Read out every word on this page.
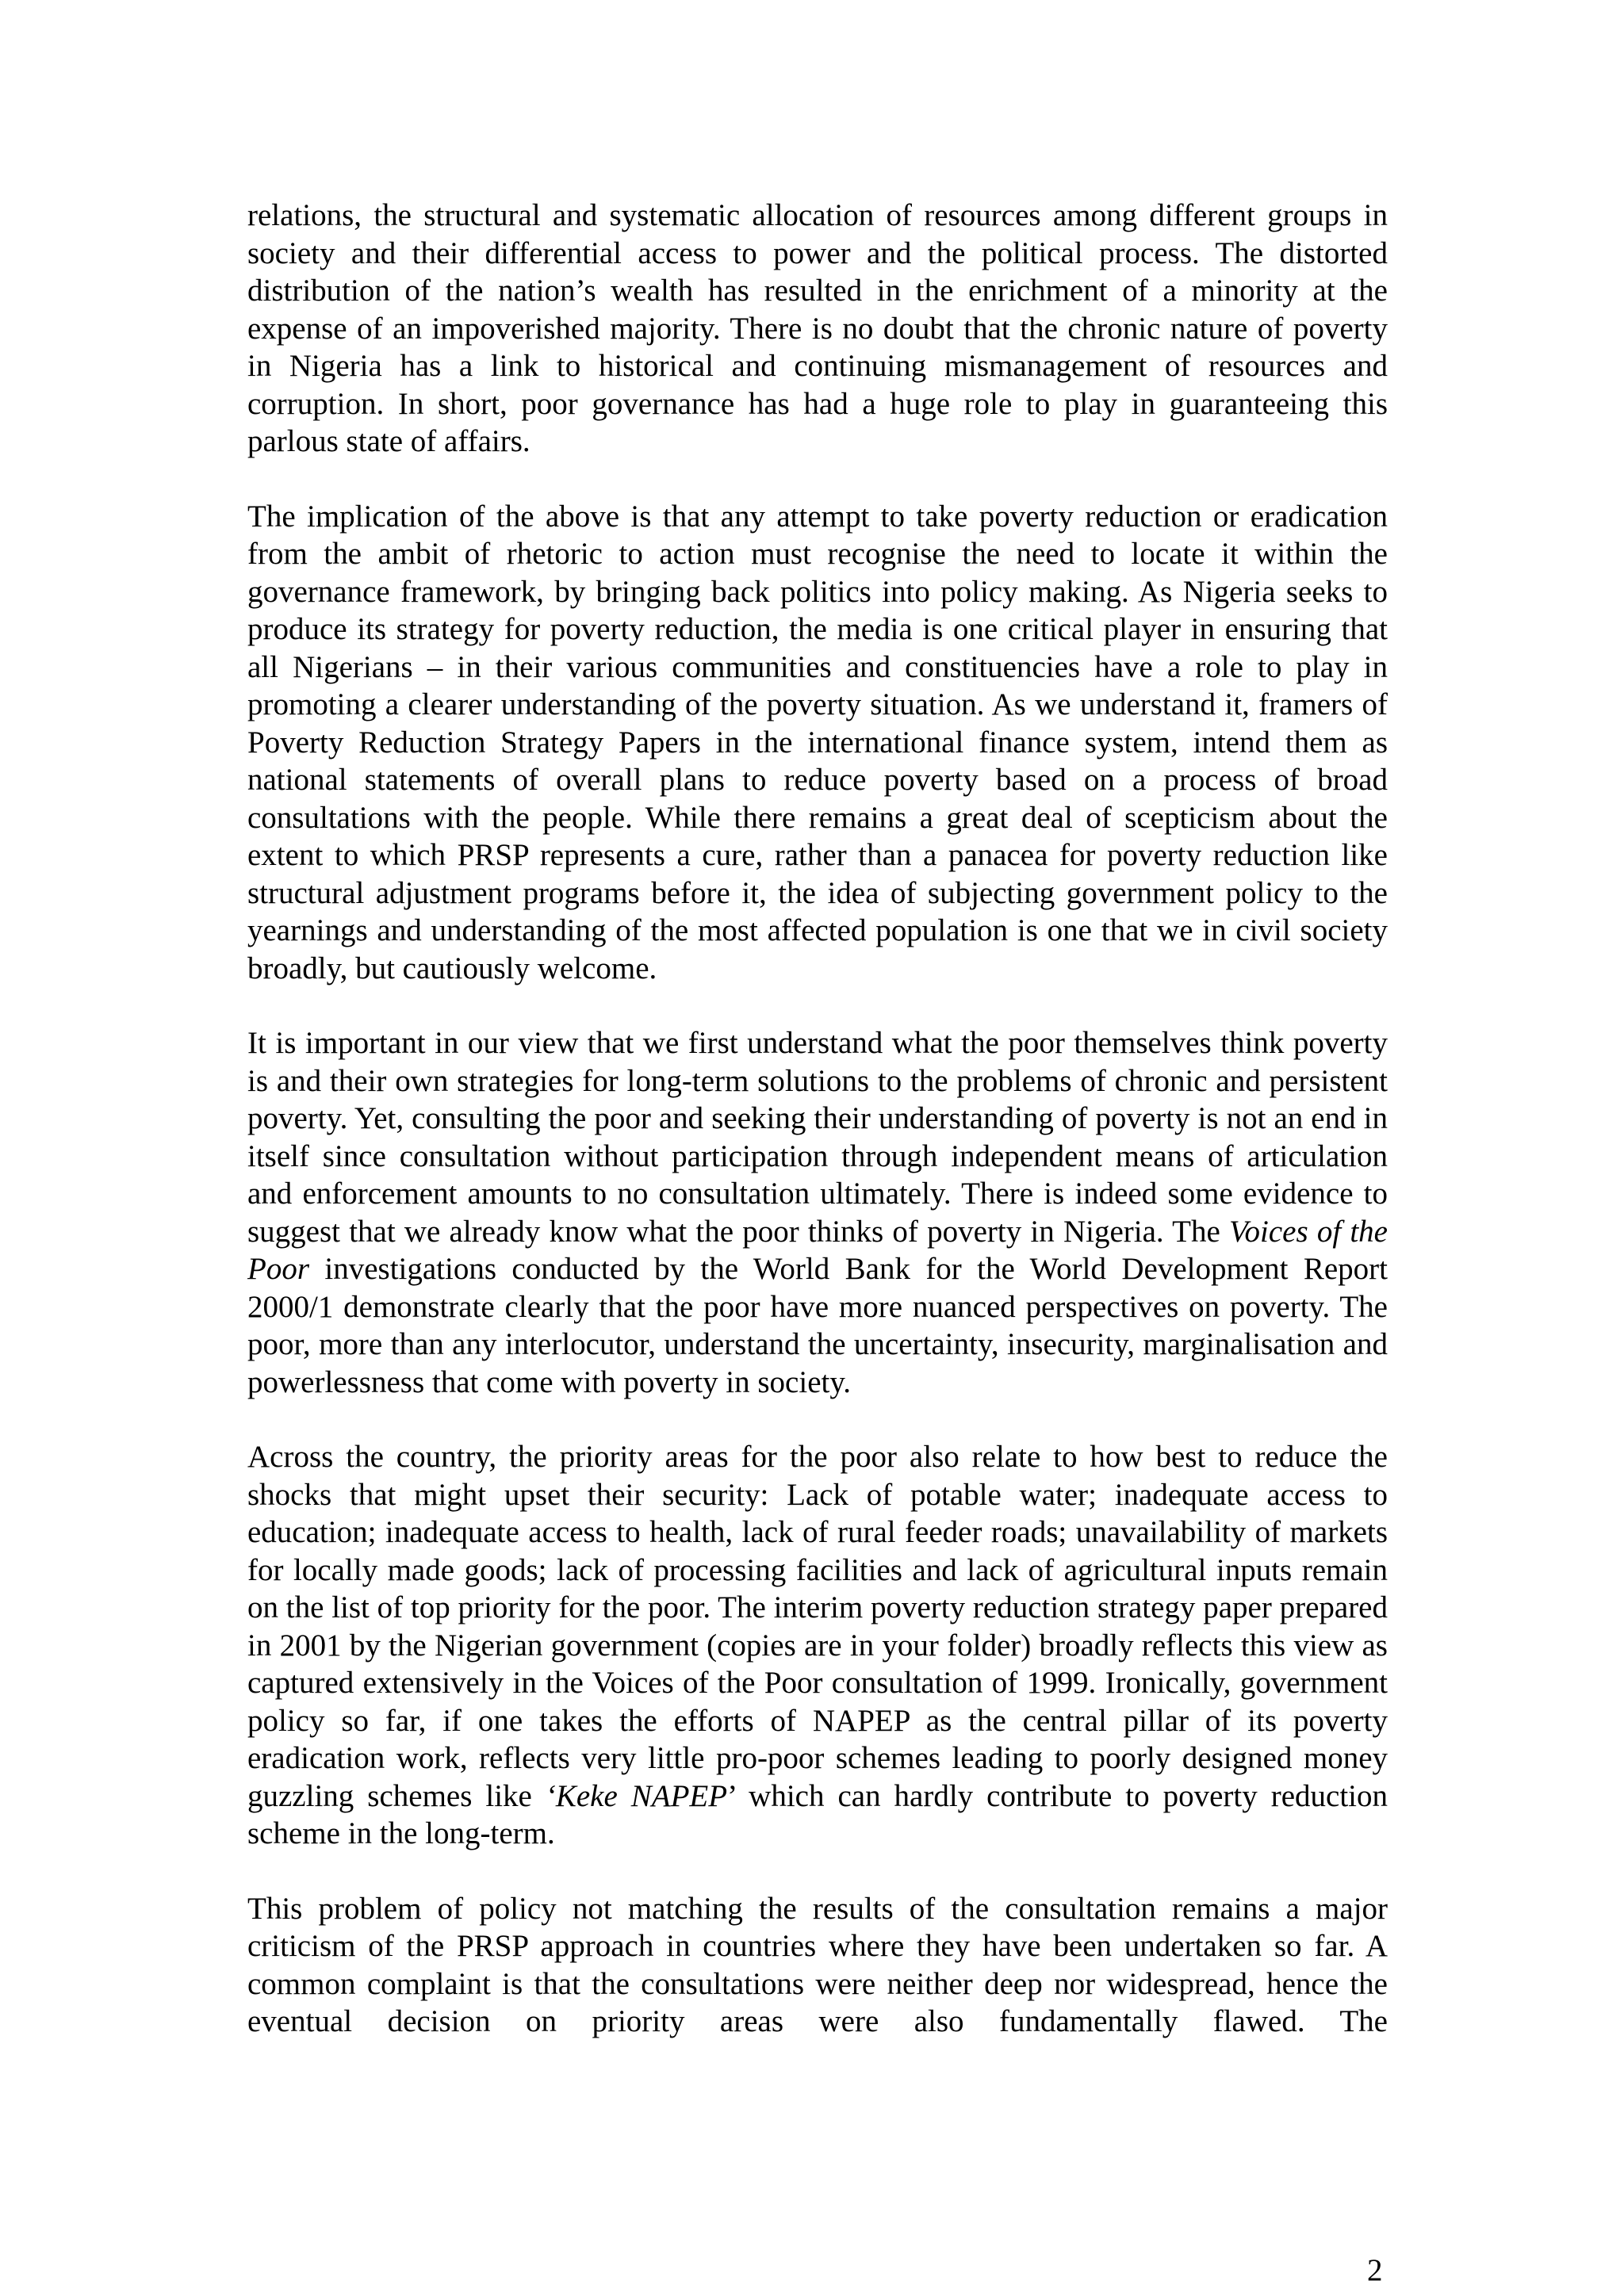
relations, the structural and systematic allocation of resources among different groups in society and their differential access to power and the political process. The distorted distribution of the nation’s wealth has resulted in the enrichment of a minority at the expense of an impoverished majority. There is no doubt that the chronic nature of poverty in Nigeria has a link to historical and continuing mismanagement of resources and corruption. In short, poor governance has had a huge role to play in guaranteeing this parlous state of affairs.

The implication of the above is that any attempt to take poverty reduction or eradication from the ambit of rhetoric to action must recognise the need to locate it within the governance framework, by bringing back politics into policy making. As Nigeria seeks to produce its strategy for poverty reduction, the media is one critical player in ensuring that all Nigerians – in their various communities and constituencies have a role to play in promoting a clearer understanding of the poverty situation. As we understand it, framers of Poverty Reduction Strategy Papers in the international finance system, intend them as national statements of overall plans to reduce poverty based on a process of broad consultations with the people. While there remains a great deal of scepticism about the extent to which PRSP represents a cure, rather than a panacea for poverty reduction like structural adjustment programs before it, the idea of subjecting government policy to the yearnings and understanding of the most affected population is one that we in civil society broadly, but cautiously welcome.

It is important in our view that we first understand what the poor themselves think poverty is and their own strategies for long-term solutions to the problems of chronic and persistent poverty. Yet, consulting the poor and seeking their understanding of poverty is not an end in itself since consultation without participation through independent means of articulation and enforcement amounts to no consultation ultimately. There is indeed some evidence to suggest that we already know what the poor thinks of poverty in Nigeria. The Voices of the Poor investigations conducted by the World Bank for the World Development Report 2000/1 demonstrate clearly that the poor have more nuanced perspectives on poverty. The poor, more than any interlocutor, understand the uncertainty, insecurity, marginalisation and powerlessness that come with poverty in society.

Across the country, the priority areas for the poor also relate to how best to reduce the shocks that might upset their security: Lack of potable water; inadequate access to education; inadequate access to health, lack of rural feeder roads; unavailability of markets for locally made goods; lack of processing facilities and lack of agricultural inputs remain on the list of top priority for the poor. The interim poverty reduction strategy paper prepared in 2001 by the Nigerian government (copies are in your folder) broadly reflects this view as captured extensively in the Voices of the Poor consultation of 1999. Ironically, government policy so far, if one takes the efforts of NAPEP as the central pillar of its poverty eradication work, reflects very little pro-poor schemes leading to poorly designed money guzzling schemes like ‘Keke NAPEP’ which can hardly contribute to poverty reduction scheme in the long-term.

This problem of policy not matching the results of the consultation remains a major criticism of the PRSP approach in countries where they have been undertaken so far. A common complaint is that the consultations were neither deep nor widespread, hence the eventual decision on priority areas were also fundamentally flawed. The

2
